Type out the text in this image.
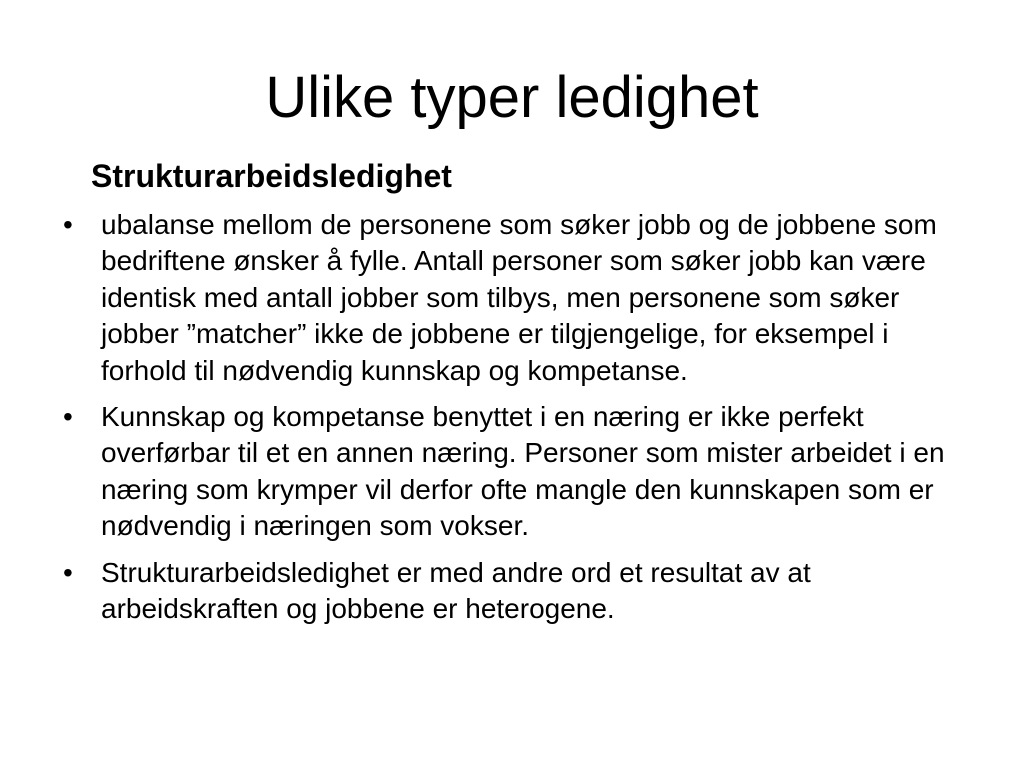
Ulike typer ledighet
Strukturarbeidsledighet
•	ubalanse mellom de personene som søker jobb og de jobbene som bedriftene ønsker å fylle. Antall personer som søker jobb kan være identisk med antall jobber som tilbys, men personene som søker jobber ”matcher” ikke de jobbene er tilgjengelige, for eksempel i forhold til nødvendig kunnskap og kompetanse.
•	Kunnskap og kompetanse benyttet i en næring er ikke perfekt overførbar til et en annen næring. Personer som mister arbeidet i en næring som krymper vil derfor ofte mangle den kunnskapen som er nødvendig i næringen som vokser.
•	Strukturarbeidsledighet er med andre ord et resultat av at arbeidskraften og jobbene er heterogene.
